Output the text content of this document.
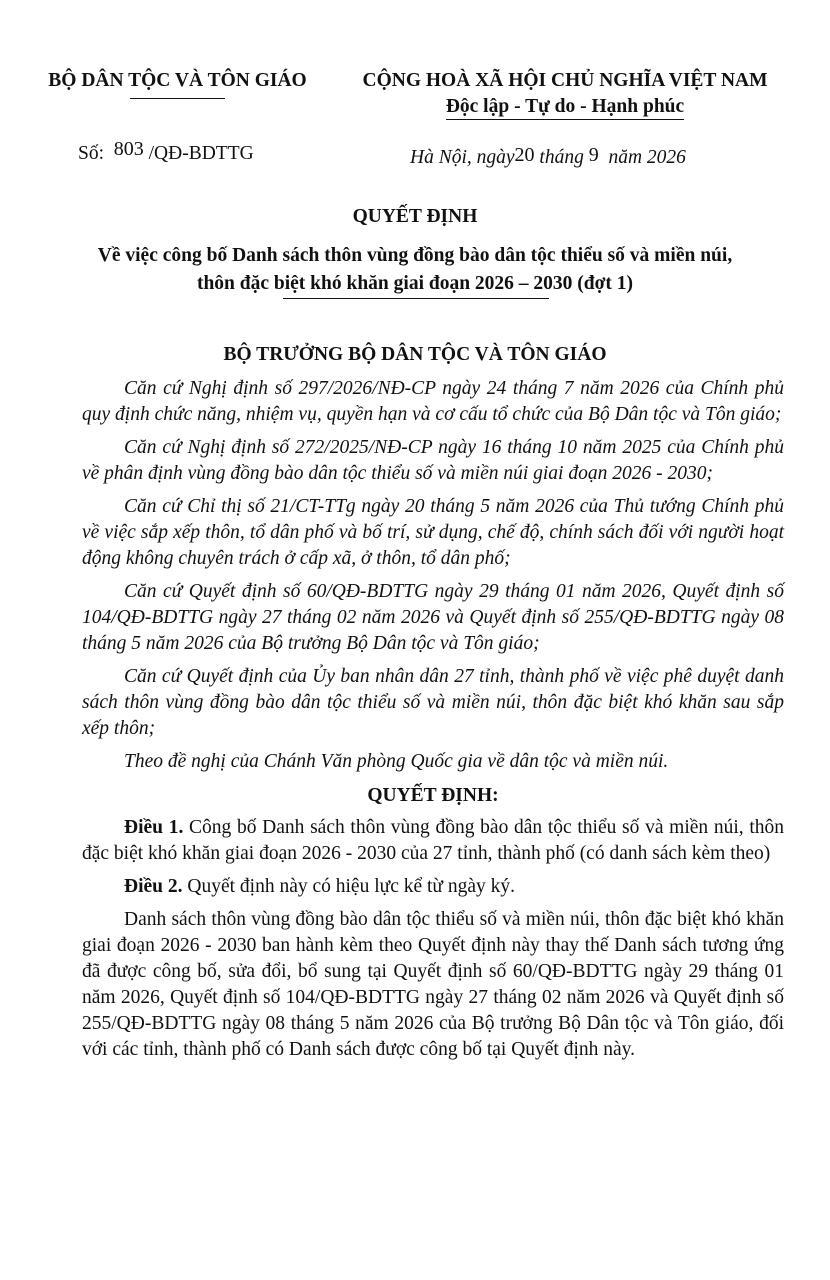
BỘ DÂN TỘC VÀ TÔN GIÁO	CỘNG HOÀ XÃ HỘI CHỦ NGHĨA VIỆT NAM
Độc lập - Tự do - Hạnh phúc
Số: 803 /QĐ-BDTTG	Hà Nội, ngày20 tháng 9 năm 2026
QUYẾT ĐỊNH
Về việc công bố Danh sách thôn vùng đồng bào dân tộc thiểu số và miền núi,
thôn đặc biệt khó khăn giai đoạn 2026 – 2030 (đợt 1)
BỘ TRƯỞNG BỘ DÂN TỘC VÀ TÔN GIÁO

Căn cứ Nghị định số 297/2026/NĐ-CP ngày 24 tháng 7 năm 2026 của Chính phủ quy định chức năng, nhiệm vụ, quyền hạn và cơ cấu tổ chức của Bộ Dân tộc và Tôn giáo;

Căn cứ Nghị định số 272/2025/NĐ-CP ngày 16 tháng 10 năm 2025 của Chính phủ về phân định vùng đồng bào dân tộc thiểu số và miền núi giai đoạn 2026 - 2030;

Căn cứ Chỉ thị số 21/CT-TTg ngày 20 tháng 5 năm 2026 của Thủ tướng Chính phủ về việc sắp xếp thôn, tổ dân phố và bố trí, sử dụng, chế độ, chính sách đối với người hoạt động không chuyên trách ở cấp xã, ở thôn, tổ dân phố;

Căn cứ Quyết định số 60/QĐ-BDTTG ngày 29 tháng 01 năm 2026, Quyết định số 104/QĐ-BDTTG ngày 27 tháng 02 năm 2026 và Quyết định số 255/QĐ-BDTTG ngày 08 tháng 5 năm 2026 của Bộ trưởng Bộ Dân tộc và Tôn giáo;

Căn cứ Quyết định của Ủy ban nhân dân 27 tỉnh, thành phố về việc phê duyệt danh sách thôn vùng đồng bào dân tộc thiểu số và miền núi, thôn đặc biệt khó khăn sau sắp xếp thôn;

Theo đề nghị của Chánh Văn phòng Quốc gia về dân tộc và miền núi.

QUYẾT ĐỊNH:

Điều 1. Công bố Danh sách thôn vùng đồng bào dân tộc thiểu số và miền núi, thôn đặc biệt khó khăn giai đoạn 2026 - 2030 của 27 tỉnh, thành phố (có danh sách kèm theo)

Điều 2. Quyết định này có hiệu lực kể từ ngày ký.

Danh sách thôn vùng đồng bào dân tộc thiểu số và miền núi, thôn đặc biệt khó khăn giai đoạn 2026 - 2030 ban hành kèm theo Quyết định này thay thế Danh sách tương ứng đã được công bố, sửa đổi, bổ sung tại Quyết định số 60/QĐ-BDTTG ngày 29 tháng 01 năm 2026, Quyết định số 104/QĐ-BDTTG ngày 27 tháng 02 năm 2026 và Quyết định số 255/QĐ-BDTTG ngày 08 tháng 5 năm 2026 của Bộ trưởng Bộ Dân tộc và Tôn giáo, đối với các tỉnh, thành phố có Danh sách được công bố tại Quyết định này.
